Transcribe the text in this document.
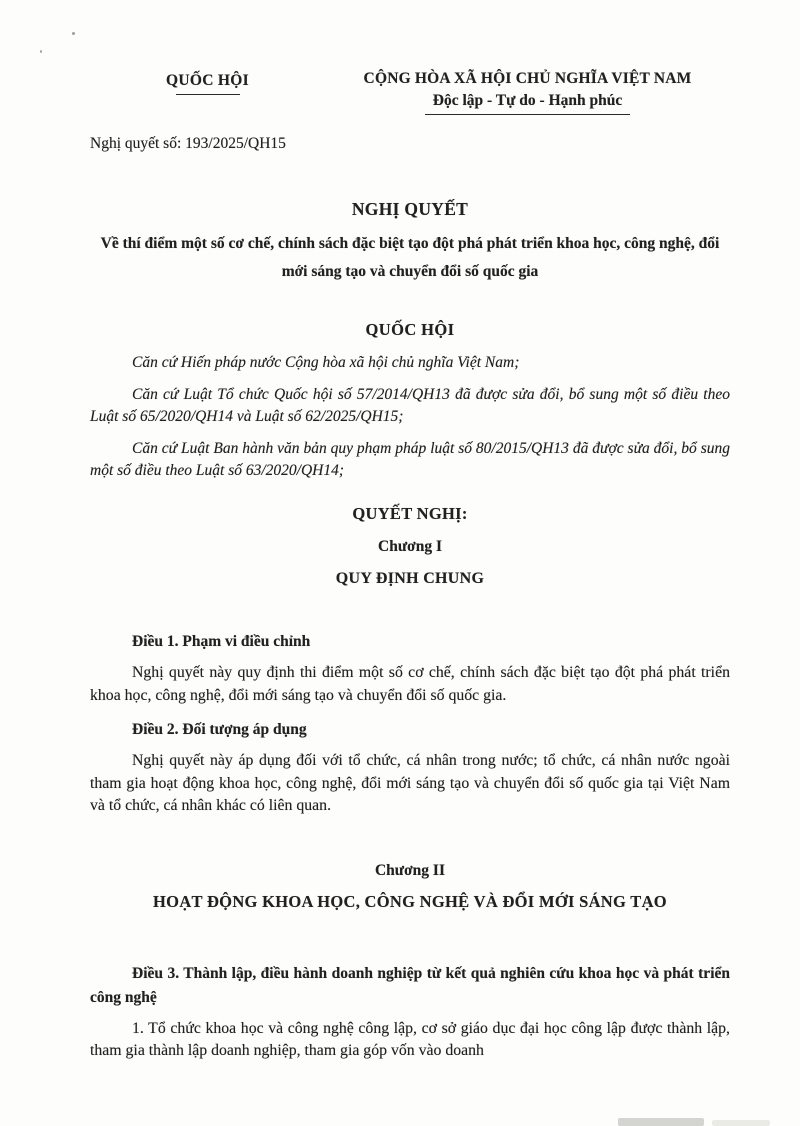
QUỐC HỘI	CỘNG HÒA XÃ HỘI CHỦ NGHĨA VIỆT NAM
Độc lập - Tự do - Hạnh phúc
Nghị quyết số: 193/2025/QH15
NGHỊ QUYẾT
Về thí điểm một số cơ chế, chính sách đặc biệt tạo đột phá phát triển khoa học, công nghệ, đổi mới sáng tạo và chuyển đổi số quốc gia
QUỐC HỘI

Căn cứ Hiến pháp nước Cộng hòa xã hội chủ nghĩa Việt Nam;

Căn cứ Luật Tổ chức Quốc hội số 57/2014/QH13 đã được sửa đổi, bổ sung một số điều theo Luật số 65/2020/QH14 và Luật số 62/2025/QH15;

Căn cứ Luật Ban hành văn bản quy phạm pháp luật số 80/2015/QH13 đã được sửa đổi, bổ sung một số điều theo Luật số 63/2020/QH14;

QUYẾT NGHỊ:
Chương I
QUY ĐỊNH CHUNG

Điều 1. Phạm vi điều chỉnh

Nghị quyết này quy định thi điểm một số cơ chế, chính sách đặc biệt tạo đột phá phát triển khoa học, công nghệ, đổi mới sáng tạo và chuyển đổi số quốc gia.

Điều 2. Đối tượng áp dụng

Nghị quyết này áp dụng đối với tổ chức, cá nhân trong nước; tổ chức, cá nhân nước ngoài tham gia hoạt động khoa học, công nghệ, đổi mới sáng tạo và chuyển đổi số quốc gia tại Việt Nam và tổ chức, cá nhân khác có liên quan.

Chương II
HOẠT ĐỘNG KHOA HỌC, CÔNG NGHỆ VÀ ĐỔI MỚI SÁNG TẠO

Điều 3. Thành lập, điều hành doanh nghiệp từ kết quả nghiên cứu khoa học và phát triển công nghệ

1. Tổ chức khoa học và công nghệ công lập, cơ sở giáo dục đại học công lập được thành lập, tham gia thành lập doanh nghiệp, tham gia góp vốn vào doanh
